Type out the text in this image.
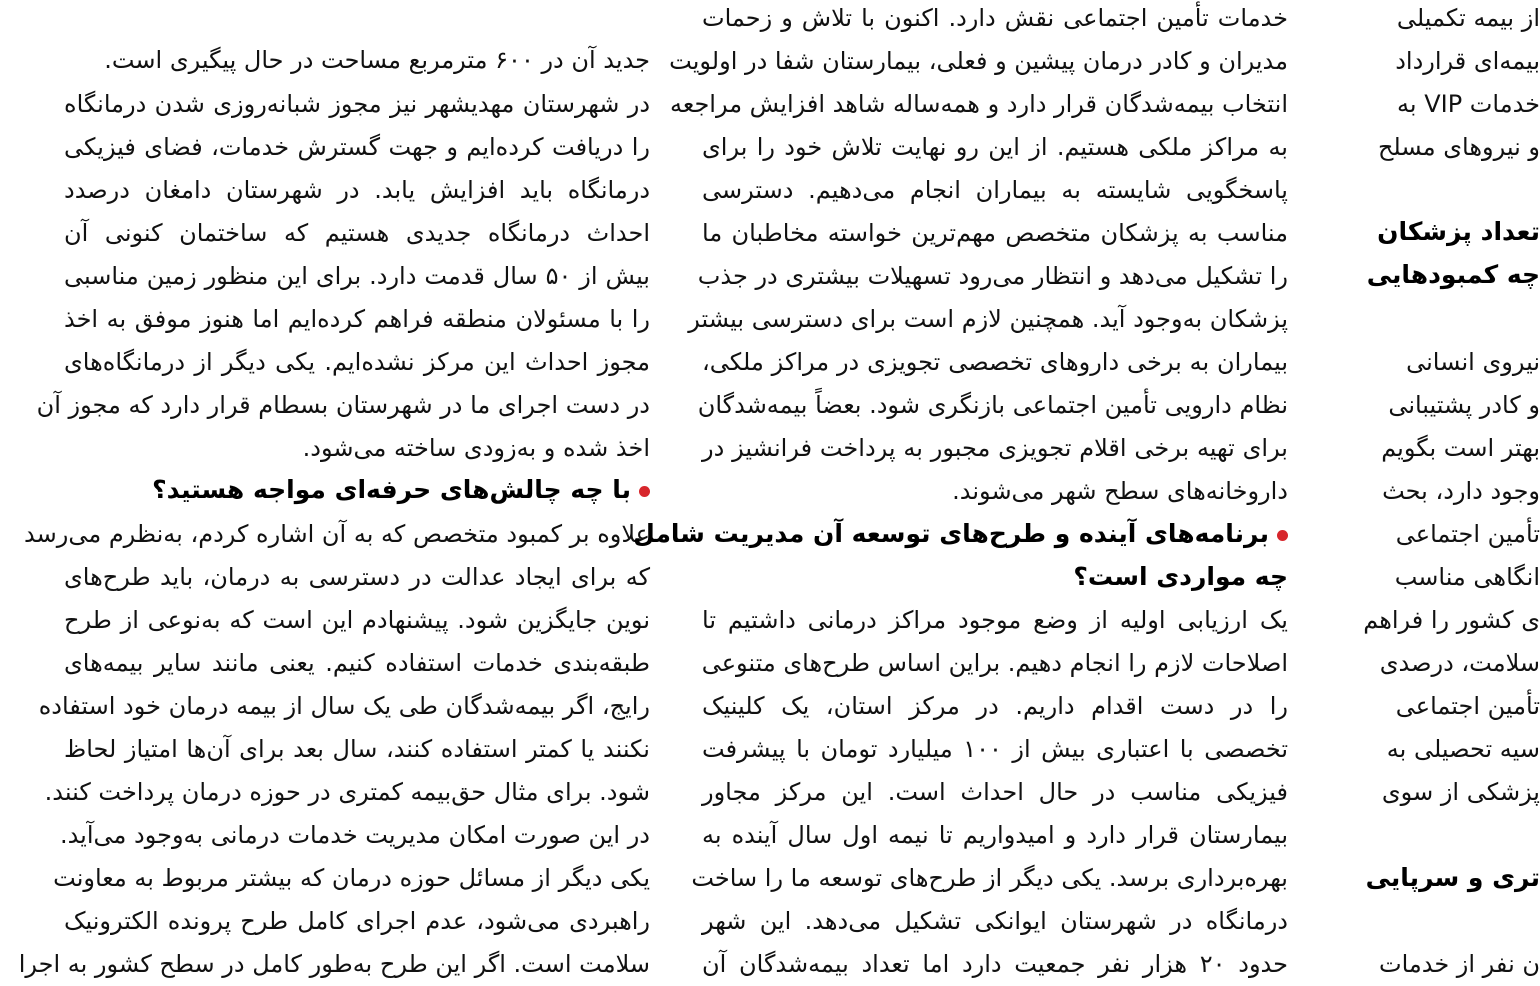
جدید آن در ۶۰۰ مترمربع مساحت در حال پیگیری است.
در شهرستان مهدیشهر نیز مجوز شبانه‌روزی شدن درمانگاه
را دریافت کرده‌ایم و جهت گسترش خدمات، فضای فیزیکی
درمانگاه باید افزایش یابد. در شهرستان دامغان درصدد
احداث درمانگاه جدیدی هستیم که ساختمان کنونی آن
بیش از ۵۰ سال قدمت دارد. برای این منظور زمین مناسبی
را با مسئولان منطقه فراهم کرده‌ایم اما هنوز موفق به اخذ
مجوز احداث این مرکز نشده‌ایم. یکی دیگر از درمانگاه‌های
در دست اجرای ما در شهرستان بسطام قرار دارد که مجوز آن
اخذ شده و به‌زودی ساخته می‌شود.
با چه چالش‌های حرفه‌ای مواجه هستید؟
علاوه بر کمبود متخصص که به آن اشاره کردم، به‌نظرم می‌رسد
که برای ایجاد عدالت در دسترسی به درمان، باید طرح‌های
نوین جایگزین شود. پیشنهادم این است که به‌نوعی از طرح
طبقه‌بندی خدمات استفاده کنیم. یعنی مانند سایر بیمه‌های
رایج، اگر بیمه‌شدگان طی یک سال از بیمه درمان خود استفاده
نکنند یا کمتر استفاده کنند، سال بعد برای آن‌ها امتیاز لحاظ
شود. برای مثال حق‌بیمه کمتری در حوزه درمان پرداخت کنند.
در این صورت امکان مدیریت خدمات درمانی به‌وجود می‌آید.
یکی دیگر از مسائل حوزه درمان که بیشتر مربوط به معاونت
راهبردی می‌شود، عدم اجرای کامل طرح پرونده الکترونیک
سلامت است. اگر این طرح به‌طور کامل در سطح کشور به اجرا
خدمات تأمین اجتماعی نقش دارد. اکنون با تلاش و زحمات
مدیران و کادر درمان پیشین و فعلی، بیمارستان شفا در اولویت
انتخاب بیمه‌شدگان قرار دارد و همه‌ساله شاهد افزایش مراجعه
به مراکز ملکی هستیم. از این رو نهایت تلاش خود را برای
پاسخگویی شایسته به بیماران انجام می‌دهیم. دسترسی
مناسب به پزشکان متخصص مهم‌ترین خواسته مخاطبان ما
را تشکیل می‌دهد و انتظار می‌رود تسهیلات بیشتری در جذب
پزشکان به‌وجود آید. همچنین لازم است برای دسترسی بیشتر
بیماران به برخی داروهای تخصصی تجویزی در مراکز ملکی،
نظام دارویی تأمین اجتماعی بازنگری شود. بعضاً بیمه‌شدگان
برای تهیه برخی اقلام تجویزی مجبور به پرداخت فرانشیز در
داروخانه‌های سطح شهر می‌شوند.
برنامه‌های آینده و طرح‌های توسعه آن مدیریت شامل
چه مواردی است؟
یک ارزیابی اولیه از وضع موجود مراکز درمانی داشتیم تا
اصلاحات لازم را انجام دهیم. براین اساس طرح‌های متنوعی
را در دست اقدام داریم. در مرکز استان، یک کلینیک
تخصصی با اعتباری بیش از ۱۰۰ میلیارد تومان با پیشرفت
فیزیکی مناسب در حال احداث است. این مرکز مجاور
بیمارستان قرار دارد و امیدواریم تا نیمه اول سال آینده به
بهره‌برداری برسد. یکی دیگر از طرح‌های توسعه ما را ساخت
درمانگاه در شهرستان ایوانکی تشکیل می‌دهد. این شهر
حدود ۲۰ هزار نفر جمعیت دارد اما تعداد بیمه‌شدگان آن
از بیمه تکمیلی
بیمه‌ای قرارداد
خدمات VIP به
و نیروهای مسلح
تعداد پزشکان
چه کمبودهایی
نیروی انسانی
و کادر پشتیبانی
بهتر است بگویم
وجود دارد، بحث
تأمین اجتماعی
انگاهی مناسب
ی کشور را فراهم
سلامت، درصدی
تأمین اجتماعی
سیه تحصیلی به
پزشکی از سوی
تری و سرپایی
ن نفر از خدمات
